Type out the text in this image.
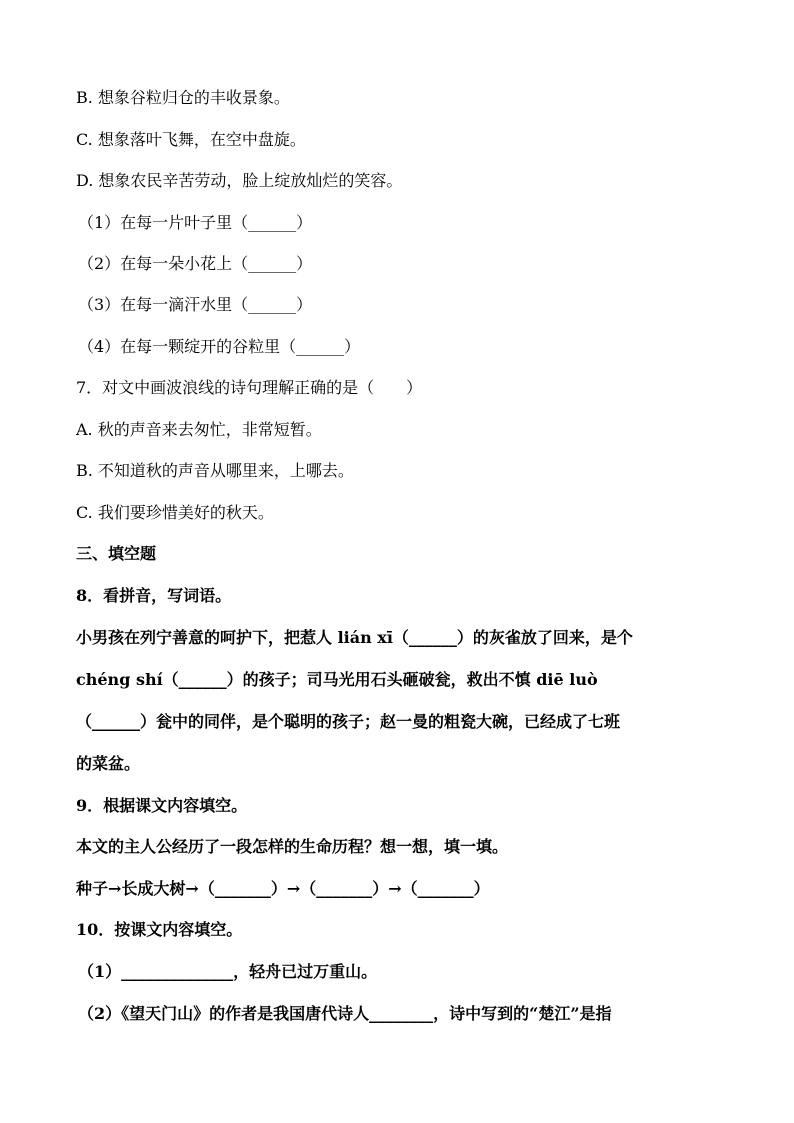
B. 想象谷粒归仓的丰收景象。
C. 想象落叶飞舞，在空中盘旋。
D. 想象农民辛苦劳动，脸上绽放灿烂的笑容。
（1）在每一片叶子里（______）
（2）在每一朵小花上（______）
（3）在每一滴汗水里（______）
（4）在每一颗绽开的谷粒里（______）
7．对文中画波浪线的诗句理解正确的是（　　）
A. 秋的声音来去匆忙，非常短暂。
B. 不知道秋的声音从哪里来，上哪去。
C. 我们要珍惜美好的秋天。
三、填空题
8．看拼音，写词语。
小男孩在列宁善意的呵护下，把惹人 lián xī（______）的灰雀放了回来，是个
chéng shí（______）的孩子；司马光用石头砸破瓮，救出不慎 diē luò
（______）瓮中的同伴，是个聪明的孩子；赵一曼的粗瓷大碗，已经成了七班
的菜盆。
9．根据课文内容填空。
本文的主人公经历了一段怎样的生命历程？想一想，填一填。
种子→长成大树→（_______）→（_______）→（_______）
10．按课文内容填空。
（1）______________，轻舟已过万重山。
（2）《望天门山》的作者是我国唐代诗人________，诗中写到的“楚江”是指
